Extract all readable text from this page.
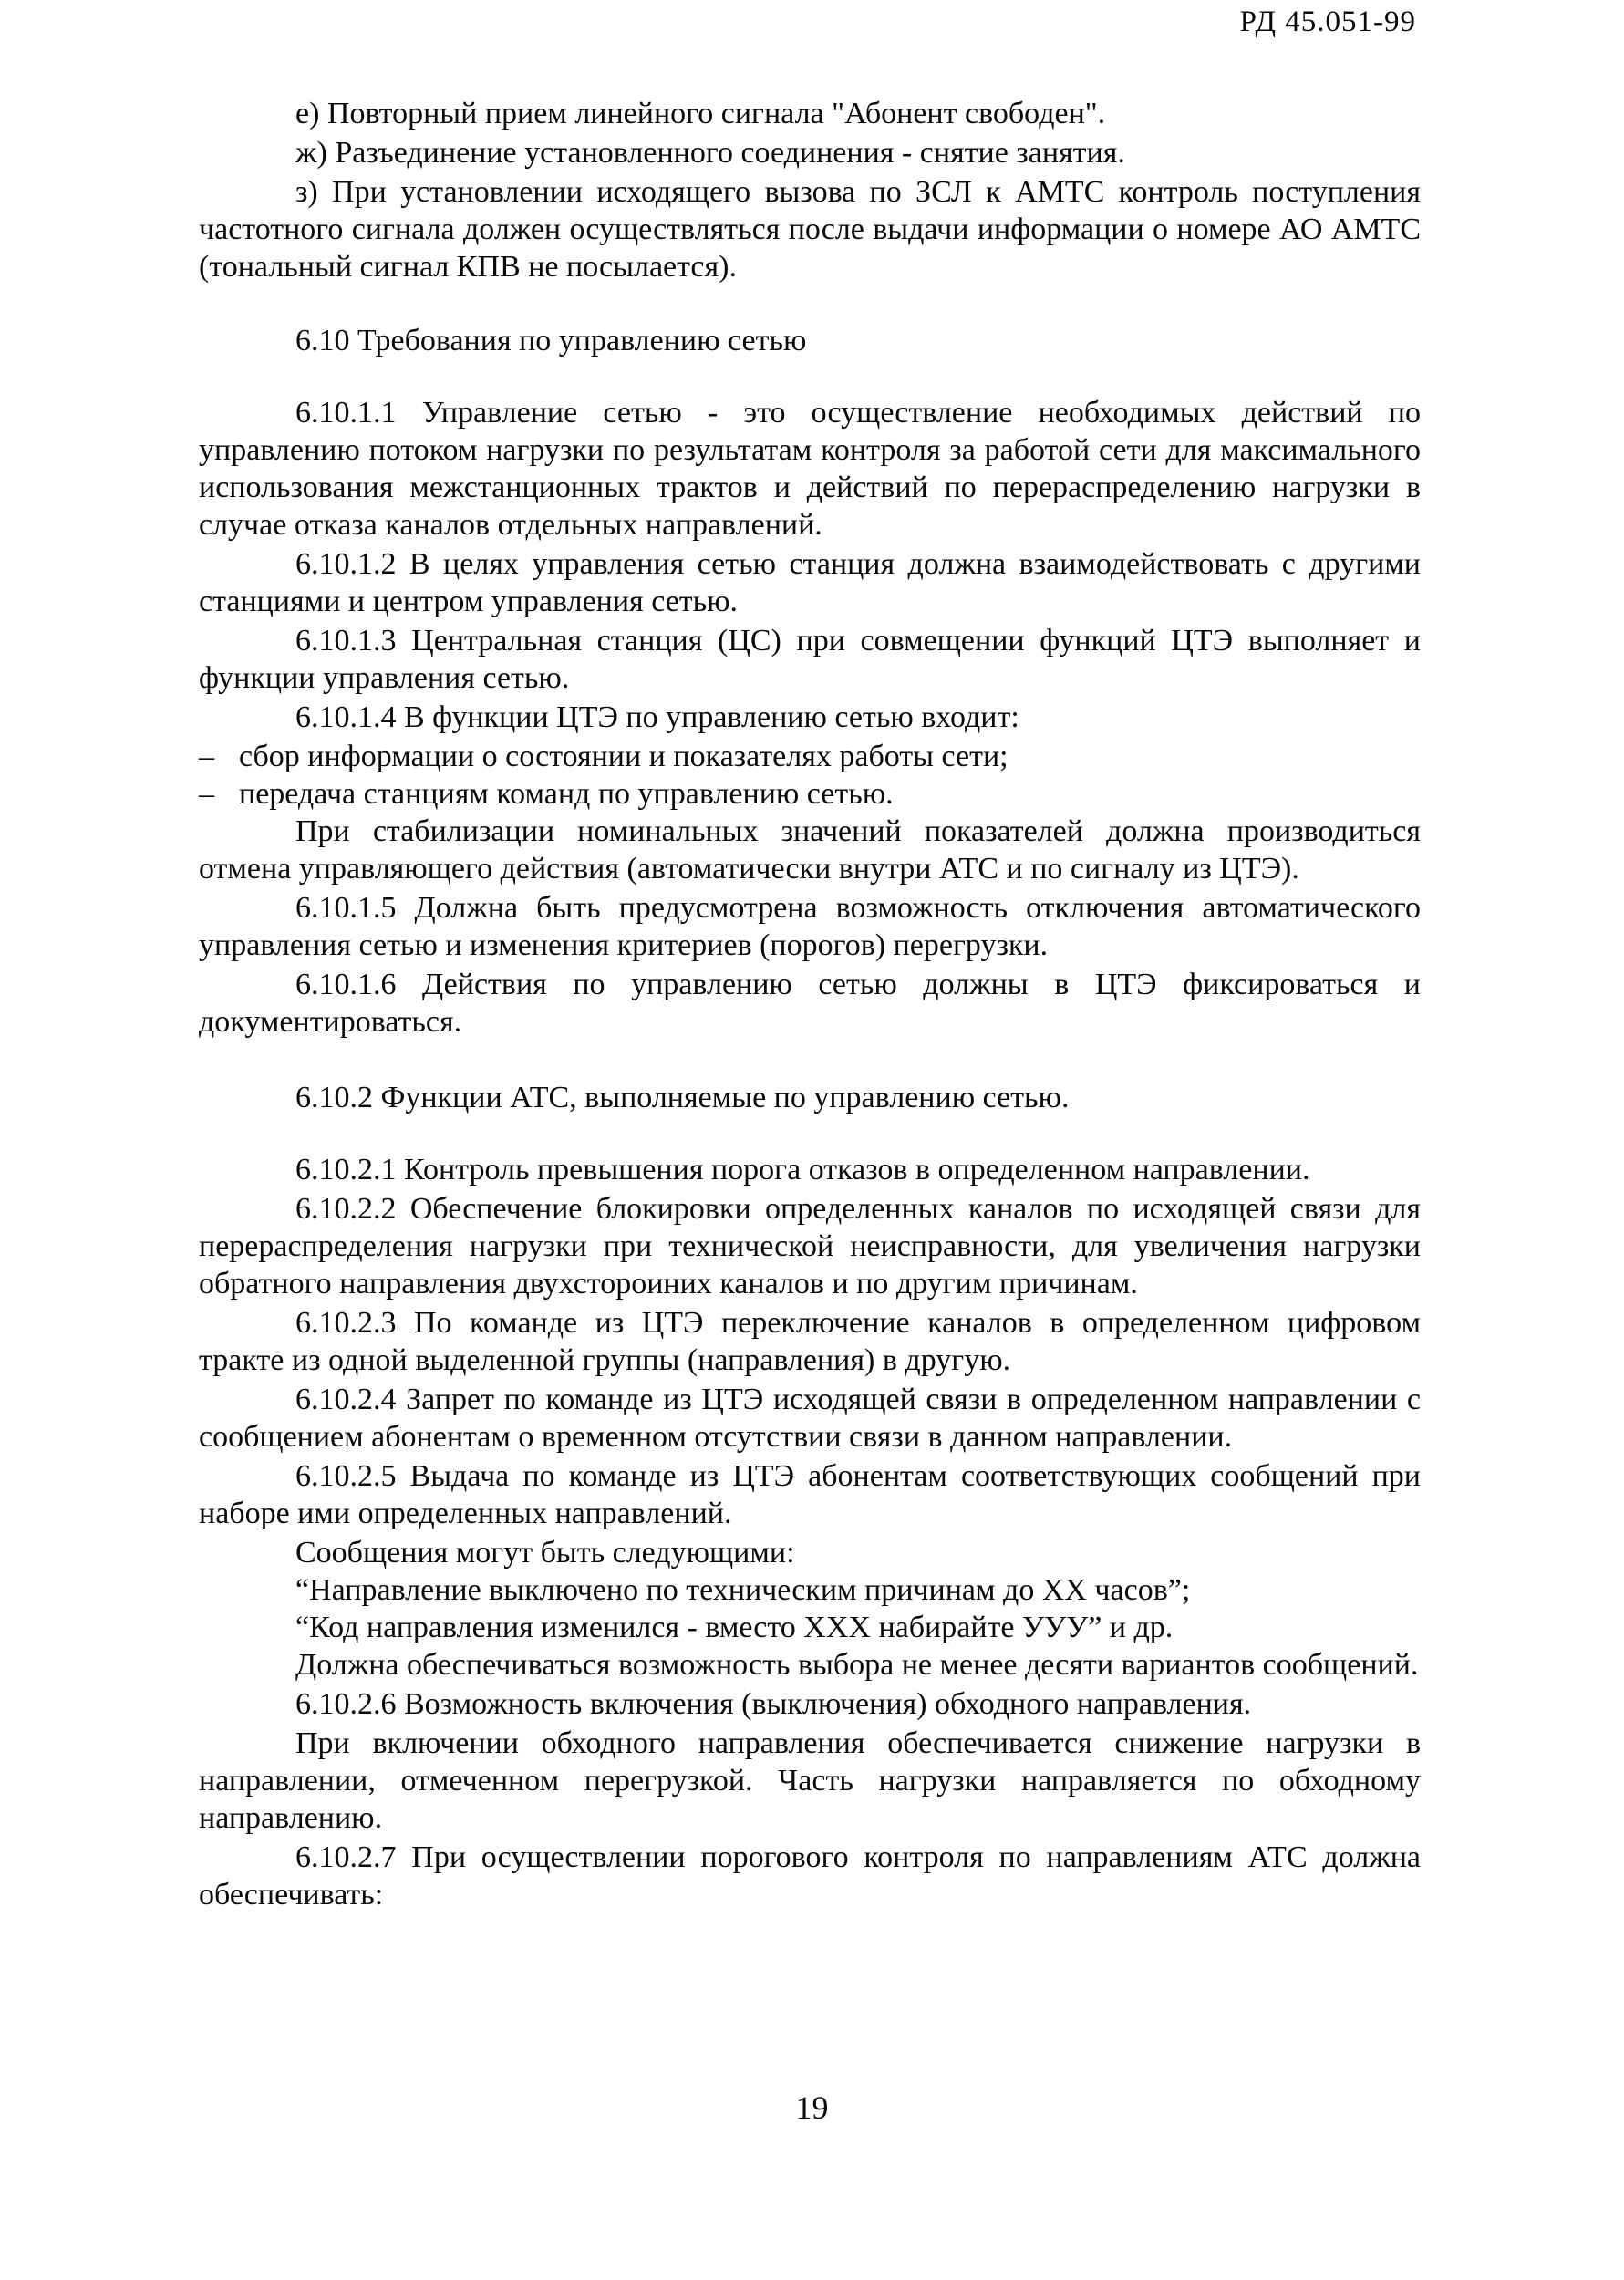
РД 45.051-99

е) Повторный прием линейного сигнала "Абонент свободен".

ж) Разъединение установленного соединения - снятие занятия.

з) При установлении исходящего вызова по ЗСЛ к АМТС контроль поступления частотного сигнала должен осуществляться после выдачи информации о номере АО АМТС (тональный сигнал КПВ не посылается).

6.10 Требования по управлению сетью

6.10.1.1 Управление сетью - это осуществление необходимых действий по управлению потоком нагрузки по результатам контроля за работой сети для максимального использования межстанционных трактов и действий по перераспределению нагрузки в случае отказа каналов отдельных направлений.

6.10.1.2 В целях управления сетью станция должна взаимодействовать с другими станциями и центром управления сетью.

6.10.1.3 Центральная станция (ЦС) при совмещении функций ЦТЭ выполняет и функции управления сетью.

6.10.1.4 В функции ЦТЭ по управлению сетью входит:

– сбор информации о состоянии и показателях работы сети;

– передача станциям команд по управлению сетью.

При стабилизации номинальных значений показателей должна производиться отмена управляющего действия (автоматически внутри АТС и по сигналу из ЦТЭ).

6.10.1.5 Должна быть предусмотрена возможность отключения автоматического управления сетью и изменения критериев (порогов) перегрузки.

6.10.1.6 Действия по управлению сетью должны в ЦТЭ фиксироваться и документироваться.

6.10.2 Функции АТС, выполняемые по управлению сетью.

6.10.2.1 Контроль превышения порога отказов в определенном направлении.

6.10.2.2 Обеспечение блокировки определенных каналов по исходящей связи для перераспределения нагрузки при технической неисправности, для увеличения нагрузки обратного направления двухстороиних каналов и по другим причинам.

6.10.2.3 По команде из ЦТЭ переключение каналов в определенном цифровом тракте из одной выделенной группы (направления) в другую.

6.10.2.4 Запрет по команде из ЦТЭ исходящей связи в определенном направлении с сообщением абонентам о временном отсутствии связи в данном направлении.

6.10.2.5 Выдача по команде из ЦТЭ абонентам соответствующих сообщений при наборе ими определенных направлений.

Сообщения могут быть следующими:

“Направление выключено по техническим причинам до XX часов”;

“Код направления изменился - вместо XXX набирайте УУУ” и др.

Должна обеспечиваться возможность выбора не менее десяти вариантов сообщений.

6.10.2.6 Возможность включения (выключения) обходного направления.

При включении обходного направления обеспечивается снижение нагрузки в направлении, отмеченном перегрузкой. Часть нагрузки направляется по обходному направлению.

6.10.2.7 При осуществлении порогового контроля по направлениям АТС должна обеспечивать:

19
